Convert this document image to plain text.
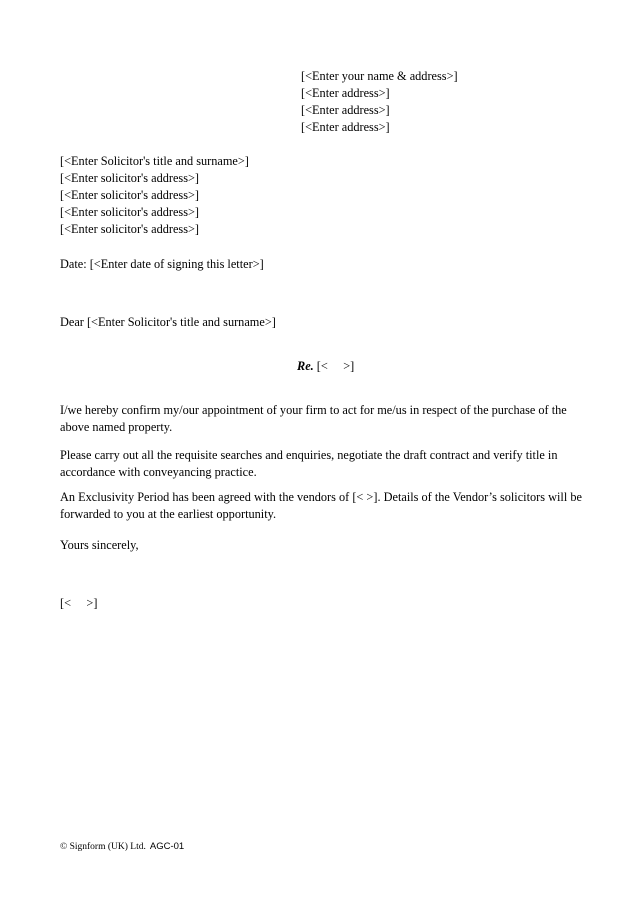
[<Enter your name & address>]
[<Enter address>]
[<Enter address>]
[<Enter address>]
[<Enter Solicitor's title and surname>]
[<Enter solicitor's address>]
[<Enter solicitor's address>]
[<Enter solicitor's address>]
[<Enter solicitor's address>]
Date: [<Enter date of signing this letter>]
Dear [<Enter Solicitor's title and surname>]
Re. [<     >]
I/we hereby confirm my/our appointment of your firm to act for me/us in respect of the purchase of the above named property.
Please carry out all the requisite searches and enquiries, negotiate the draft contract and verify title in accordance with conveyancing practice.
An Exclusivity Period has been agreed with the vendors of [< >]. Details of the Vendor’s solicitors will be forwarded to you at the earliest opportunity.
Yours sincerely,
[<     >]
© Signform (UK) Ltd. AGC-01
